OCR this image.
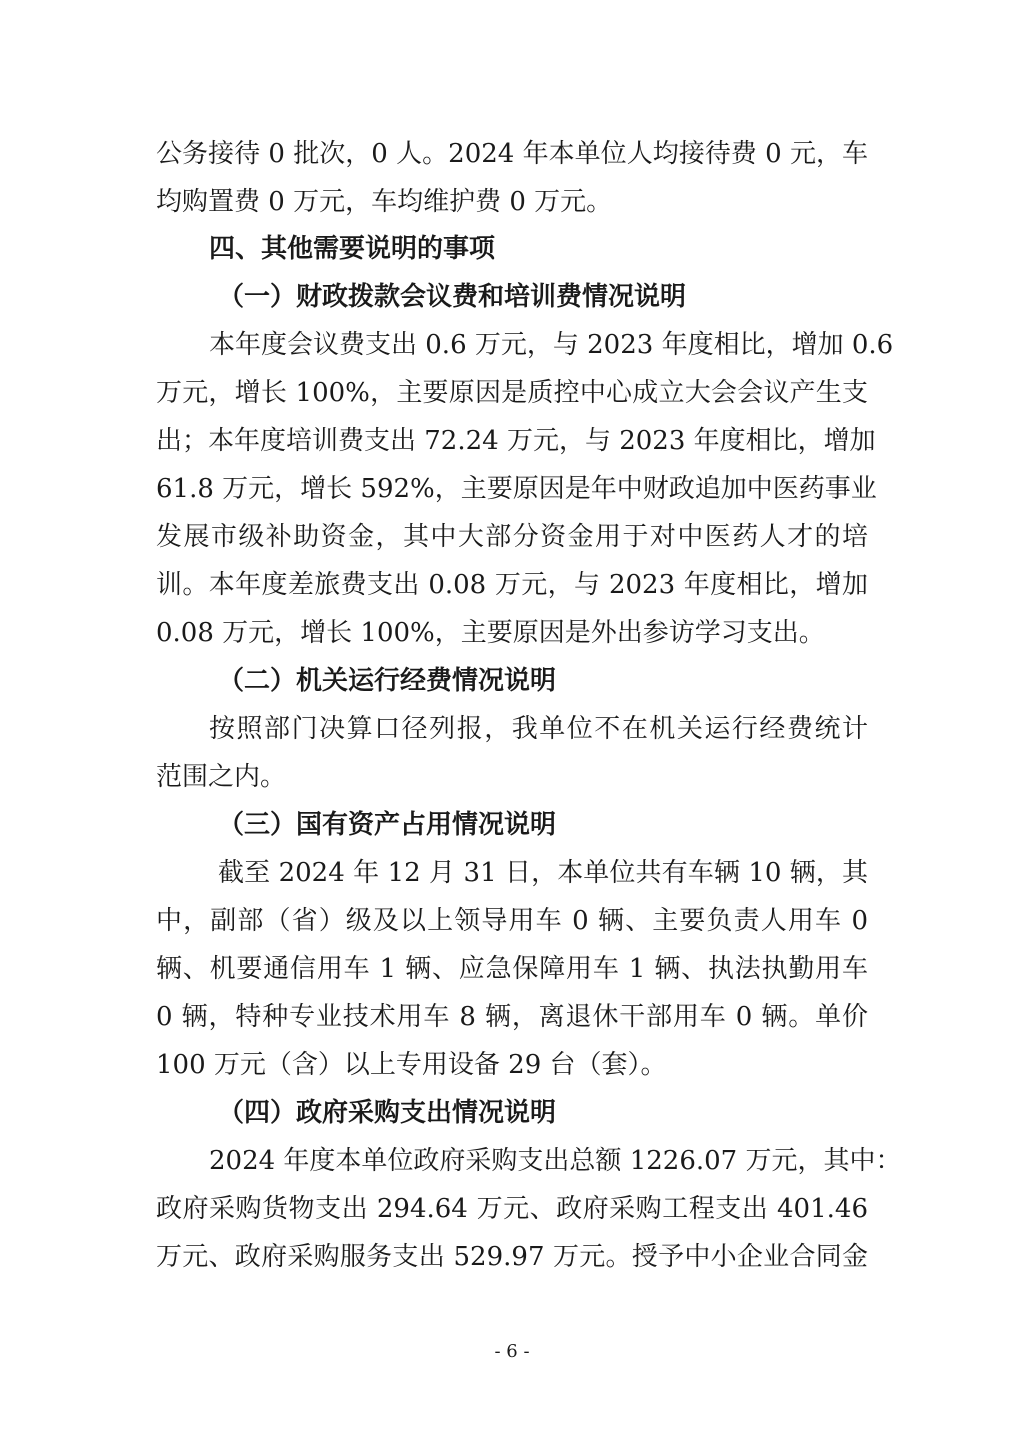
公务接待 0 批次，0 人。2024 年本单位人均接待费 0 元，车
均购置费 0 万元，车均维护费 0 万元。
四、其他需要说明的事项
（一）财政拨款会议费和培训费情况说明
本年度会议费支出 0.6 万元，与 2023 年度相比，增加 0.6
万元，增长 100%，主要原因是质控中心成立大会会议产生支
出；本年度培训费支出 72.24 万元，与 2023 年度相比，增加
61.8 万元，增长 592%，主要原因是年中财政追加中医药事业
发展市级补助资金，其中大部分资金用于对中医药人才的培
训。本年度差旅费支出 0.08 万元，与 2023 年度相比，增加
0.08 万元，增长 100%，主要原因是外出参访学习支出。
（二）机关运行经费情况说明
按照部门决算口径列报，我单位不在机关运行经费统计
范围之内。
（三）国有资产占用情况说明
截至 2024 年 12 月 31 日，本单位共有车辆 10 辆，其
中，副部（省）级及以上领导用车 0 辆、主要负责人用车 0
辆、机要通信用车 1 辆、应急保障用车 1 辆、执法执勤用车
0 辆，特种专业技术用车 8 辆，离退休干部用车 0 辆。单价
100 万元（含）以上专用设备 29 台（套）。
（四）政府采购支出情况说明
2024 年度本单位政府采购支出总额 1226.07 万元，其中：
政府采购货物支出 294.64 万元、政府采购工程支出 401.46
万元、政府采购服务支出 529.97 万元。授予中小企业合同金
- 6 -
